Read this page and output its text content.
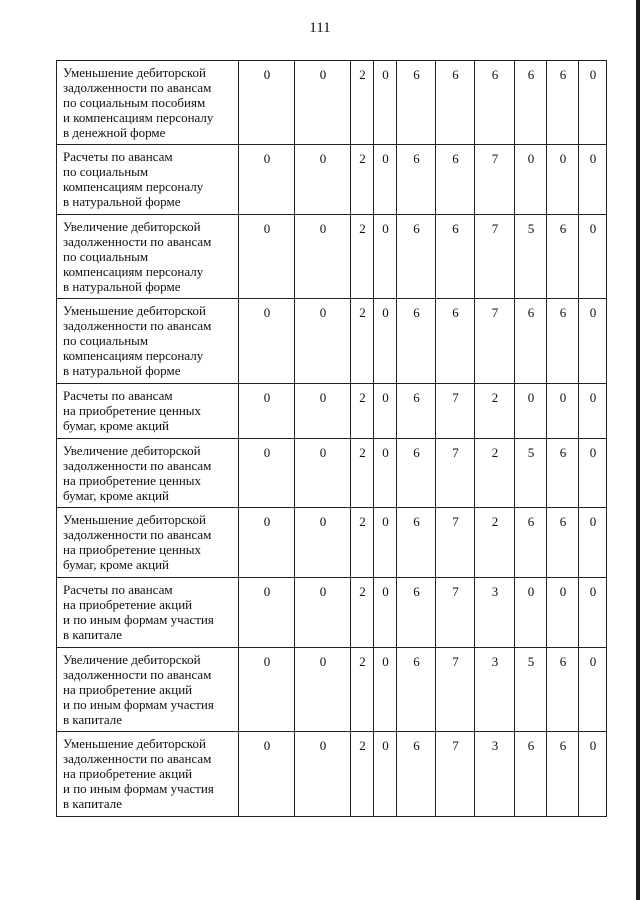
111
Уменьшение дебиторской
задолженности по авансам
по социальным пособиям
и компенсациям персоналу
в денежной форме	0	0	2	0	6	6	6	6	6	0
Расчеты по авансам
по социальным
компенсациям персоналу
в натуральной форме	0	0	2	0	6	6	7	0	0	0
Увеличение дебиторской
задолженности по авансам
по социальным
компенсациям персоналу
в натуральной форме	0	0	2	0	6	6	7	5	6	0
Уменьшение дебиторской
задолженности по авансам
по социальным
компенсациям персоналу
в натуральной форме	0	0	2	0	6	6	7	6	6	0
Расчеты по авансам
на приобретение ценных
бумаг, кроме акций	0	0	2	0	6	7	2	0	0	0
Увеличение дебиторской
задолженности по авансам
на приобретение ценных
бумаг, кроме акций	0	0	2	0	6	7	2	5	6	0
Уменьшение дебиторской
задолженности по авансам
на приобретение ценных
бумаг, кроме акций	0	0	2	0	6	7	2	6	6	0
Расчеты по авансам
на приобретение акций
и по иным формам участия
в капитале	0	0	2	0	6	7	3	0	0	0
Увеличение дебиторской
задолженности по авансам
на приобретение акций
и по иным формам участия
в капитале	0	0	2	0	6	7	3	5	6	0
Уменьшение дебиторской
задолженности по авансам
на приобретение акций
и по иным формам участия
в капитале	0	0	2	0	6	7	3	6	6	0
